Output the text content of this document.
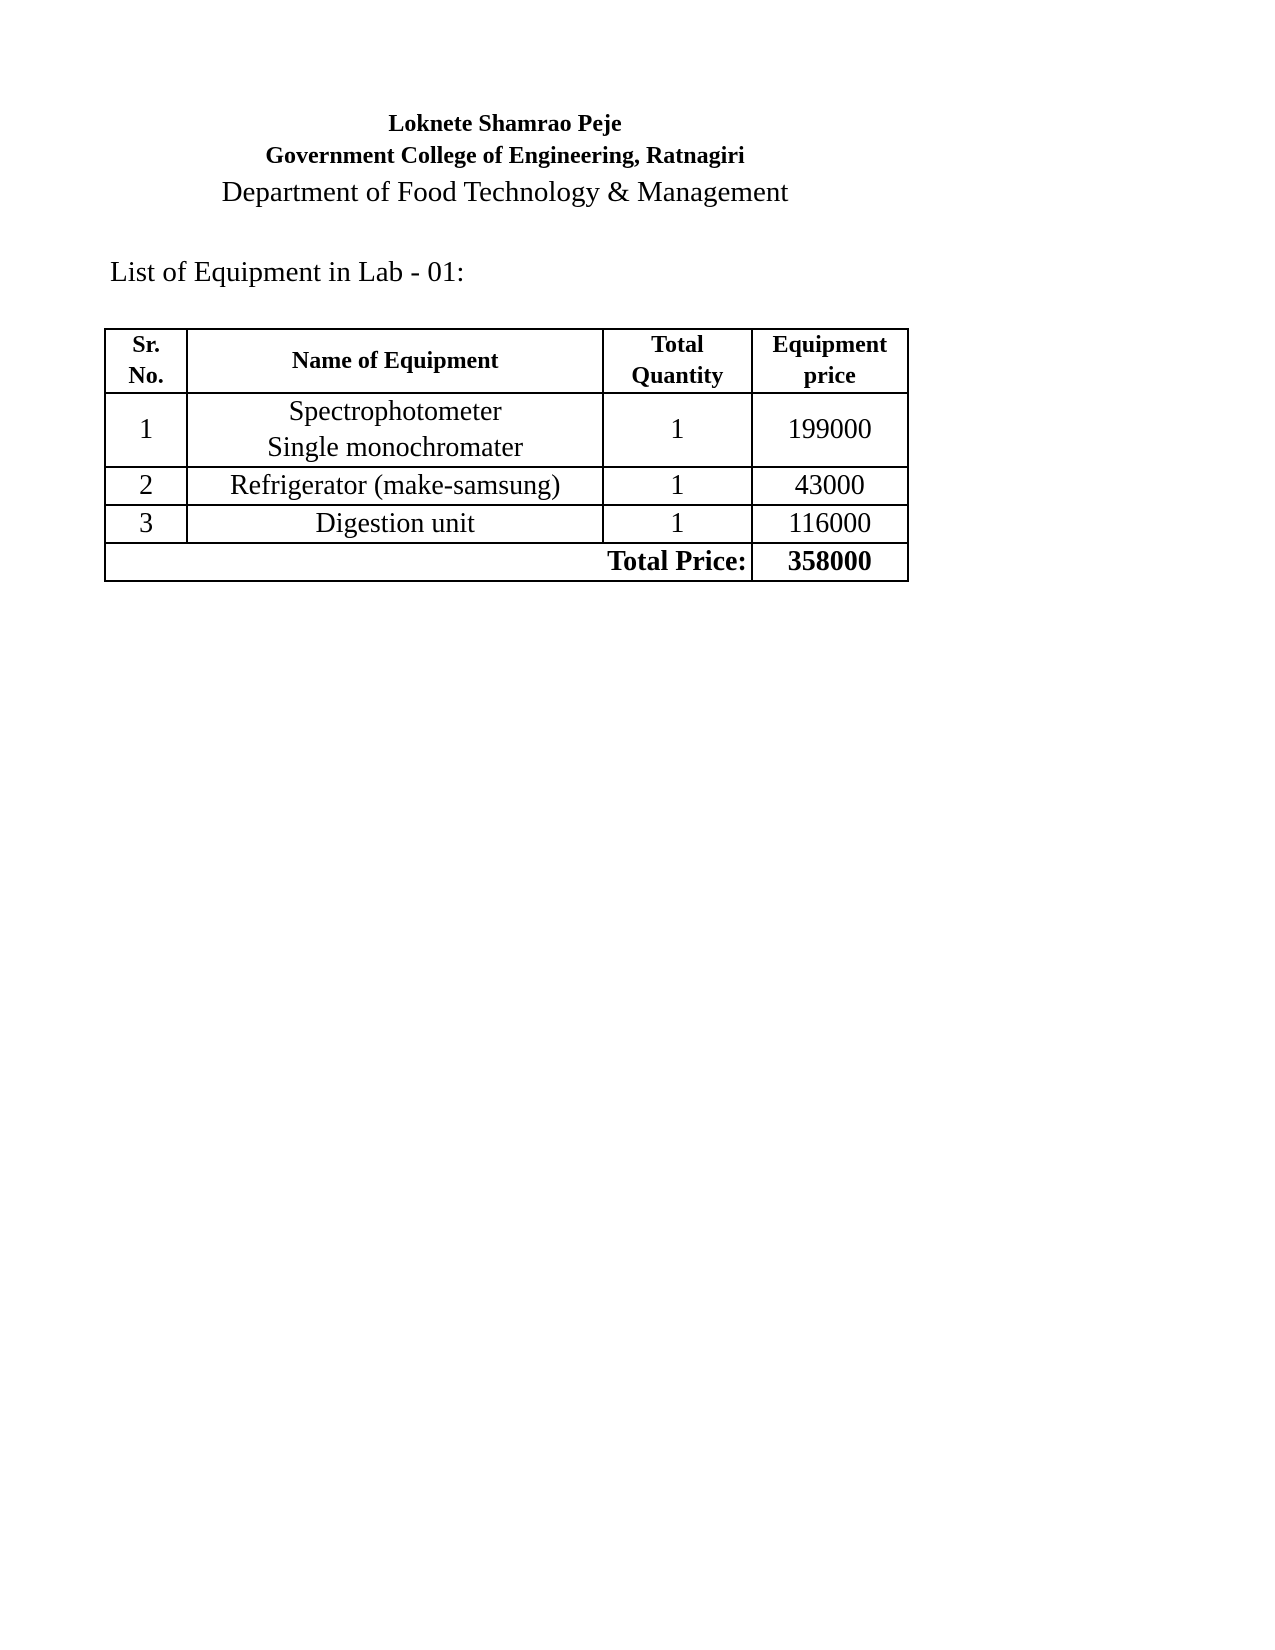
Loknete Shamrao Peje
Government College of Engineering, Ratnagiri
Department of Food Technology & Management
List of Equipment in Lab - 01:
Sr.
No.
	Name of Equipment	
Total
Quantity

Equipment
price

1	
Spectrophotometer
Single monochromater
	1	199000
2	Refrigerator (make-samsung)	1	43000
3	Digestion unit	1	116000
	Total Price:	358000
